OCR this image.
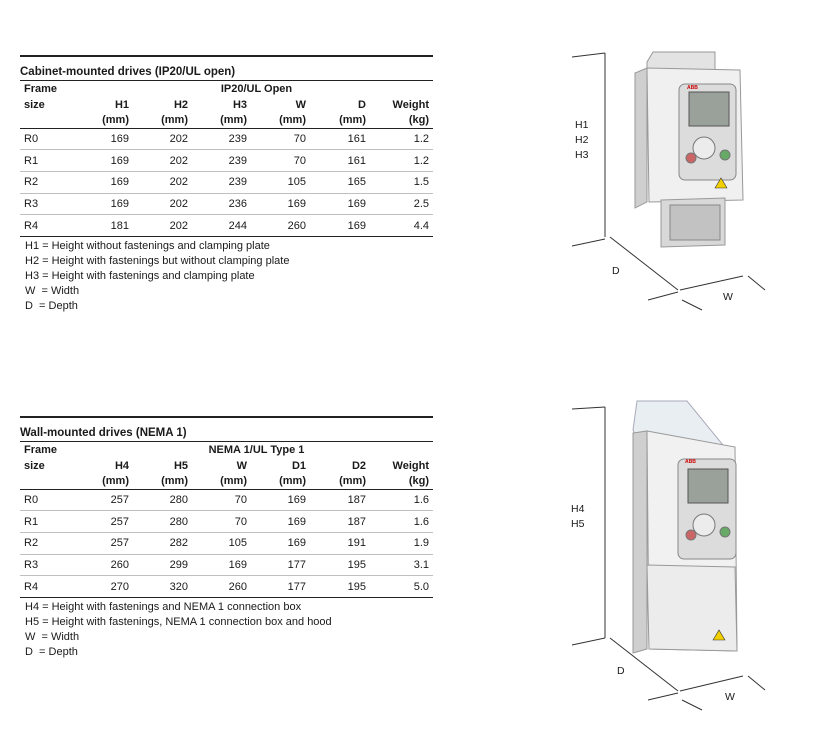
Cabinet-mounted drives (IP20/UL open)
Frame	IP20/UL Open					
size	H1	H2	H3	W	D	Weight
	(mm)	(mm)	(mm)	(mm)	(mm)	(kg)
R0	169	202	239	70	161	1.2
R1	169	202	239	70	161	1.2
R2	169	202	239	105	165	1.5
R3	169	202	236	169	169	2.5
R4	181	202	244	260	169	4.4
H1 = Height without fastenings and clamping plate
H2 = Height with fastenings but without clamping plate
H3 = Height with fastenings and clamping plate
W  = Width
D  = Depth
ABB
H1
H2
H3
D
W
Wall-mounted drives (NEMA 1)
Frame	NEMA 1/UL Type 1					
size	H4	H5	W	D1	D2	Weight
	(mm)	(mm)	(mm)	(mm)	(mm)	(kg)
R0	257	280	70	169	187	1.6
R1	257	280	70	169	187	1.6
R2	257	282	105	169	191	1.9
R3	260	299	169	177	195	3.1
R4	270	320	260	177	195	5.0
H4 = Height with fastenings and NEMA 1 connection box
H5 = Height with fastenings, NEMA 1 connection box and hood
W  = Width
D  = Depth
ABB
H4
H5
D
W
